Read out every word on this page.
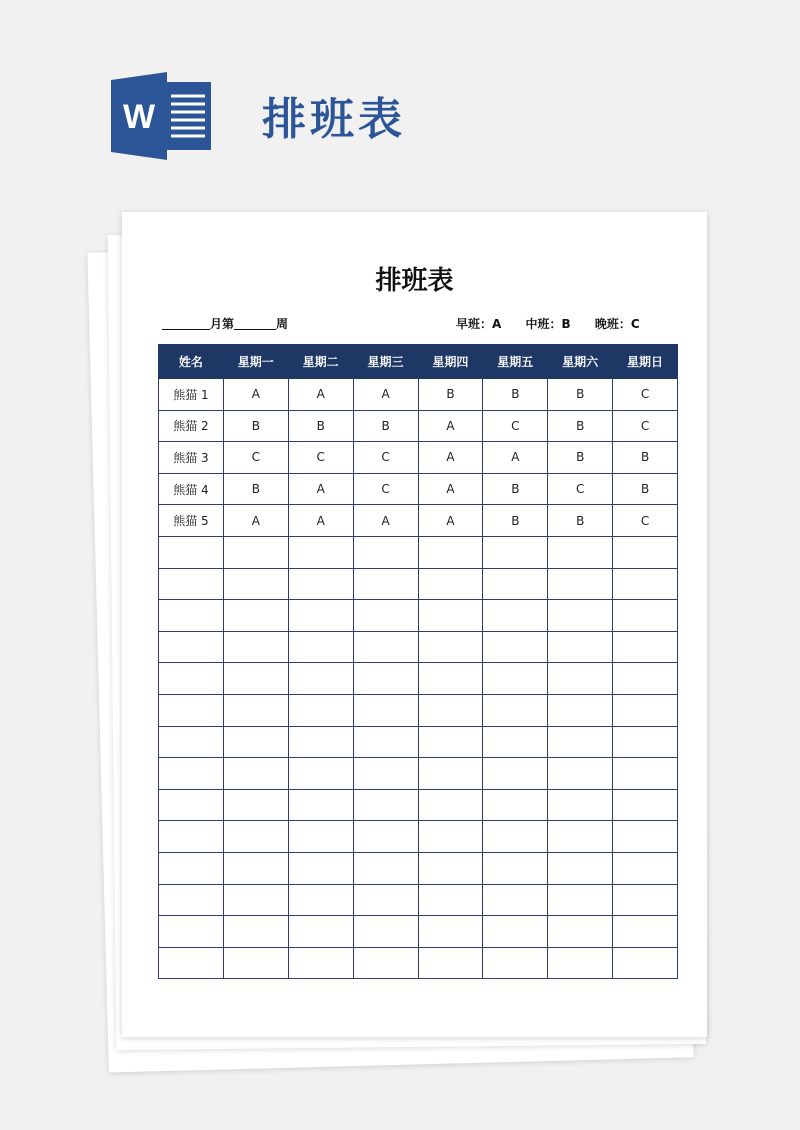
W 排班表
排班表
月第	周	早班：A 中班：B 晚班：C
姓名	星期一	星期二	星期三	星期四	星期五	星期六	星期日
熊猫 1	A	A	A	B	B	B	C
熊猫 2	B	B	B	A	C	B	C
熊猫 3	C	C	C	A	A	B	B
熊猫 4	B	A	C	A	B	C	B
熊猫 5	A	A	A	A	B	B	C
